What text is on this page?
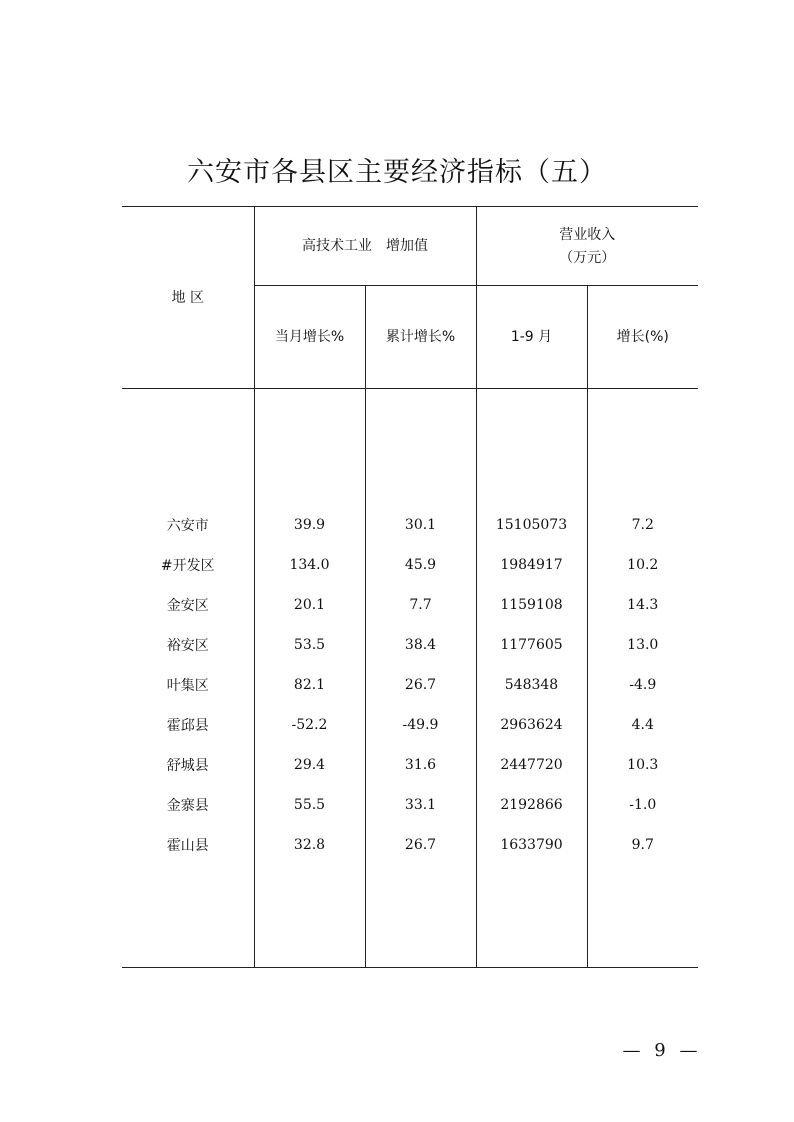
六安市各县区主要经济指标（五）
地 区	高技术工业　增加值		营业收入
（万元）	

	当月增长%	累计增长%	1-9 月	增长(%)

六安市	39.9	30.1	15105073	7.2
#开发区	134.0	45.9	1984917	10.2
金安区	20.1	7.7	1159108	14.3
裕安区	53.5	38.4	1177605	13.0
叶集区	82.1	26.7	548348	-4.9
霍邱县	-52.2	-49.9	2963624	4.4
舒城县	29.4	31.6	2447720	10.3
金寨县	55.5	33.1	2192866	-1.0
霍山县	32.8	26.7	1633790	9.7

— 9 —
